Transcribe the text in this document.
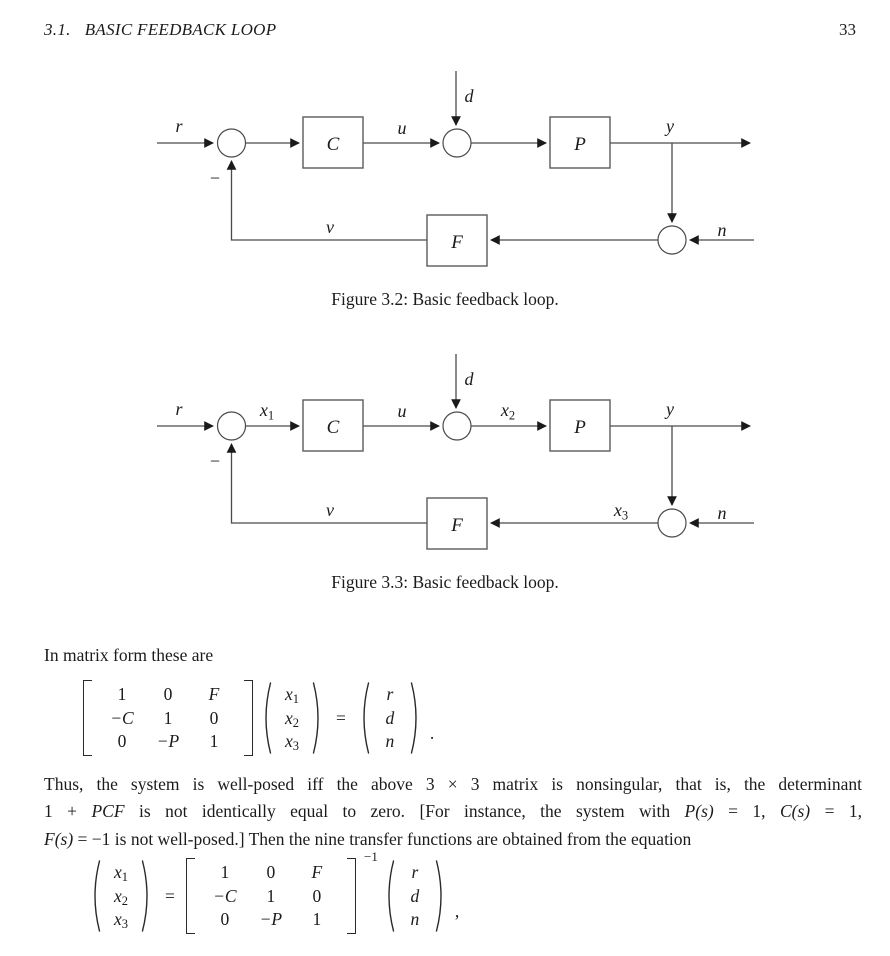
3.1. BASIC FEEDBACK LOOP	33
C	P
F
r	u
d
y
n
v
−
C	P
F
r	u
d
y
n
v
−
x1	x2
x3
Figure 3.2: Basic feedback loop.
Figure 3.3: Basic feedback loop.
In matrix form these are
1 0 F
−C 1 0
0 −P 1
$x_1$
$x_2$
$x_3$
=
r
d
n .
Thus, the system is well-posed iff the above 3 × 3 matrix is nonsingular, that is, the determinant
1 + PCF is not identically equal to zero. [For instance, the system with P(s) = 1, C(s) = 1,
F(s) = −1 is not well-posed.] Then the nine transfer functions are obtained from the equation
$x_1$
$x_2$
$x_3$
=
1 0 F
−C 1 0
0 −P 1
−1
r
d
n ,
